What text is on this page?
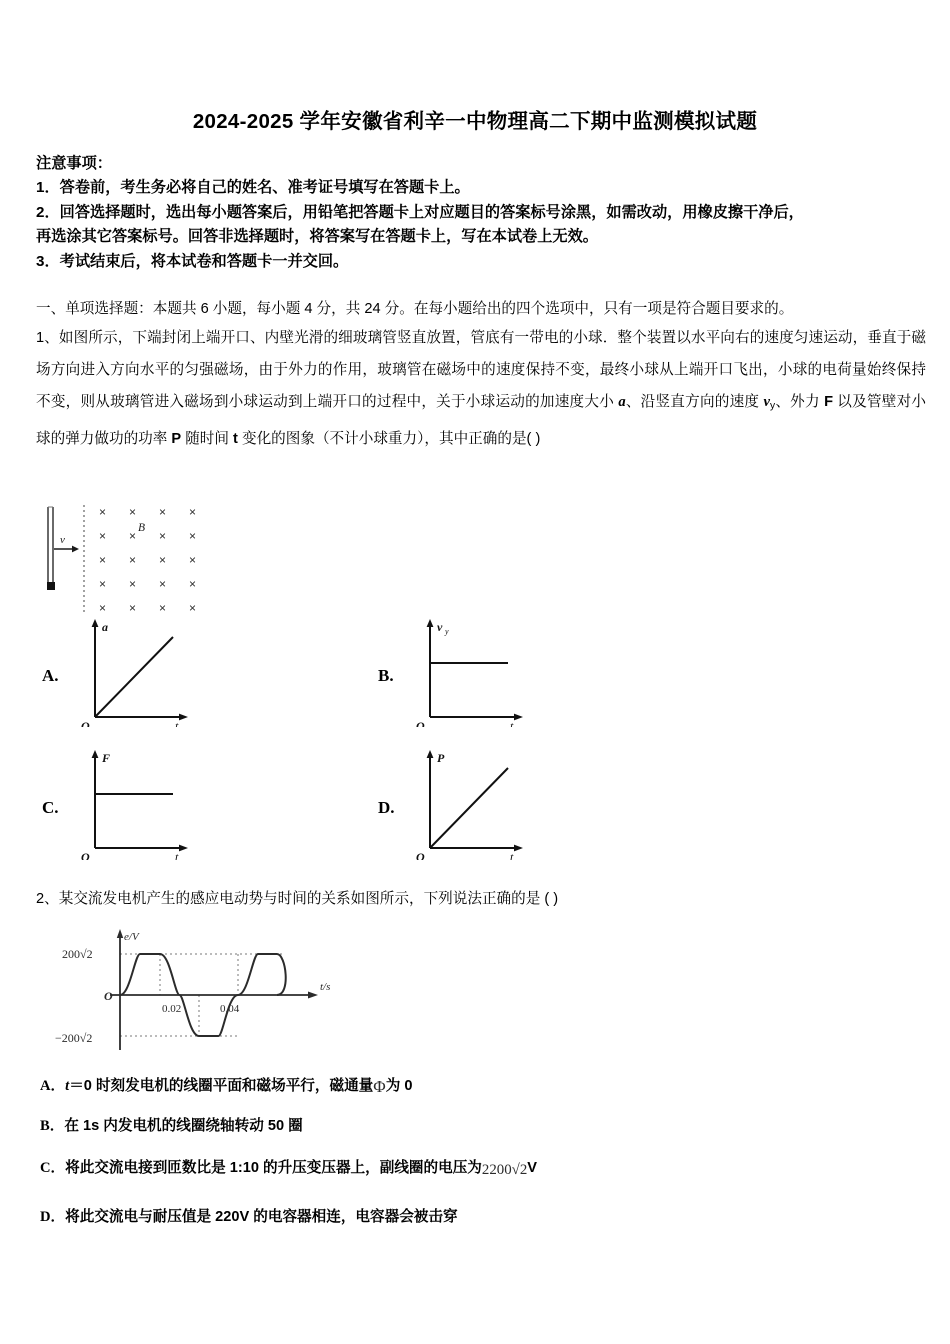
2024-2025 学年安徽省利辛一中物理高二下期中监测模拟试题
注意事项：
1．答卷前，考生务必将自己的姓名、准考证号填写在答题卡上。
2．回答选择题时，选出每小题答案后，用铅笔把答题卡上对应题目的答案标号涂黑，如需改动，用橡皮擦干净后，
再选涂其它答案标号。回答非选择题时，将答案写在答题卡上，写在本试卷上无效。
3．考试结束后，将本试卷和答题卡一并交回。
一、单项选择题：本题共 6 小题，每小题 4 分，共 24 分。在每小题给出的四个选项中，只有一项是符合题目要求的。
1、如图所示，下端封闭上端开口、内壁光滑的细玻璃管竖直放置，管底有一带电的小球．整个装置以水平向右的速度匀速运动，垂直于磁场方向进入方向水平的匀强磁场，由于外力的作用，玻璃管在磁场中的速度保持不变，最终小球从上端开口飞出，小球的电荷量始终保持不变，则从玻璃管进入磁场到小球运动到上端开口的过程中，关于小球运动的加速度大小 a、沿竖直方向的速度 $v_y$、外力 F 以及管壁对小球的弹力做功的功率 P 随时间 t 变化的图象（不计小球重力），其中正确的是( )
v
× × × ×
× × × ×
× × × ×
× × × ×
× × × ×
B
A.
a
t
O
B.
v y
t
O
C.
F
t
O
D.
P
t
O
2、某交流发电机产生的感应电动势与时间的关系如图所示，下列说法正确的是 ( )
e/V
t/s
O
200√2
−200√2
0.02	0.04
A．t＝0 时刻发电机的线圈平面和磁场平行，磁通量Φ为 0
B．在 1s 内发电机的线圈绕轴转动 50 圈
C．将此交流电接到匝数比是 1:10 的升压变压器上，副线圈的电压为2200√2V
D．将此交流电与耐压值是 220V 的电容器相连，电容器会被击穿
